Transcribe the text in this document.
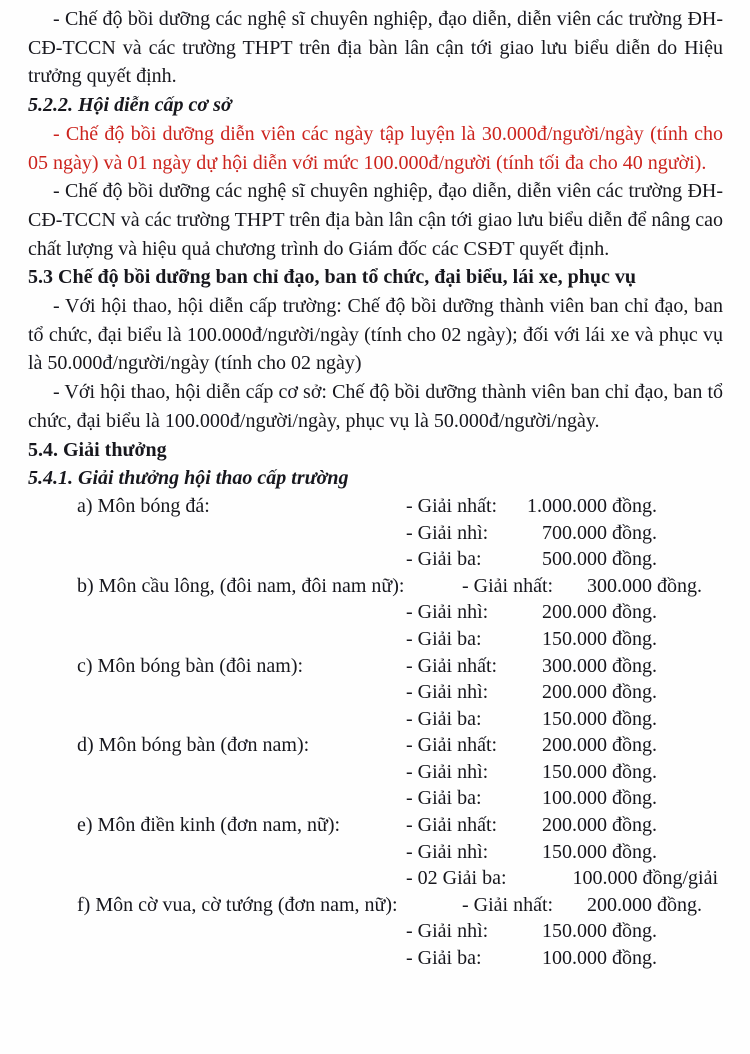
- Chế độ bồi dưỡng các nghệ sĩ chuyên nghiệp, đạo diễn, diễn viên các trường ĐH-CĐ-TCCN và các trường THPT trên địa bàn lân cận tới giao lưu biểu diễn do Hiệu trưởng quyết định.

5.2.2. Hội diễn cấp cơ sở

- Chế độ bồi dưỡng diễn viên các ngày tập luyện là 30.000đ/người/ngày (tính cho 05 ngày) và 01 ngày dự hội diễn với mức 100.000đ/người (tính tối đa cho 40 người).

- Chế độ bồi dưỡng các nghệ sĩ chuyên nghiệp, đạo diễn, diễn viên các trường ĐH-CĐ-TCCN và các trường THPT trên địa bàn lân cận tới giao lưu biểu diễn để nâng cao chất lượng và hiệu quả chương trình do Giám đốc các CSĐT quyết định.

5.3 Chế độ bồi dưỡng ban chỉ đạo, ban tổ chức, đại biểu, lái xe, phục vụ

- Với hội thao, hội diễn cấp trường: Chế độ bồi dưỡng thành viên ban chỉ đạo, ban tổ chức, đại biểu là 100.000đ/người/ngày (tính cho 02 ngày); đối với lái xe và phục vụ là 50.000đ/người/ngày (tính cho 02 ngày)

- Với hội thao, hội diễn cấp cơ sở: Chế độ bồi dưỡng thành viên ban chỉ đạo, ban tổ chức, đại biểu là 100.000đ/người/ngày, phục vụ là 50.000đ/người/ngày.

5.4. Giải thưởng

5.4.1. Giải thưởng hội thao cấp trường

a) Môn bóng đá:	- Giải nhất:	1.000.000 đồng.
- Giải nhì:	700.000 đồng.
- Giải ba:	500.000 đồng.
b) Môn cầu lông, (đôi nam, đôi nam nữ):	- Giải nhất:	300.000 đồng.
- Giải nhì:	200.000 đồng.
- Giải ba:	150.000 đồng.
c) Môn bóng bàn (đôi nam):	- Giải nhất:	300.000 đồng.
- Giải nhì:	200.000 đồng.
- Giải ba:	150.000 đồng.
d) Môn bóng bàn (đơn nam):	- Giải nhất:	200.000 đồng.
- Giải nhì:	150.000 đồng.
- Giải ba:	100.000 đồng.
e) Môn điền kinh (đơn nam, nữ):	- Giải nhất:	200.000 đồng.
- Giải nhì:	150.000 đồng.
- 02 Giải ba:	100.000 đồng/giải
f) Môn cờ vua, cờ tướng (đơn nam, nữ):	- Giải nhất:	200.000 đồng.
- Giải nhì:	150.000 đồng.
- Giải ba:	100.000 đồng.
